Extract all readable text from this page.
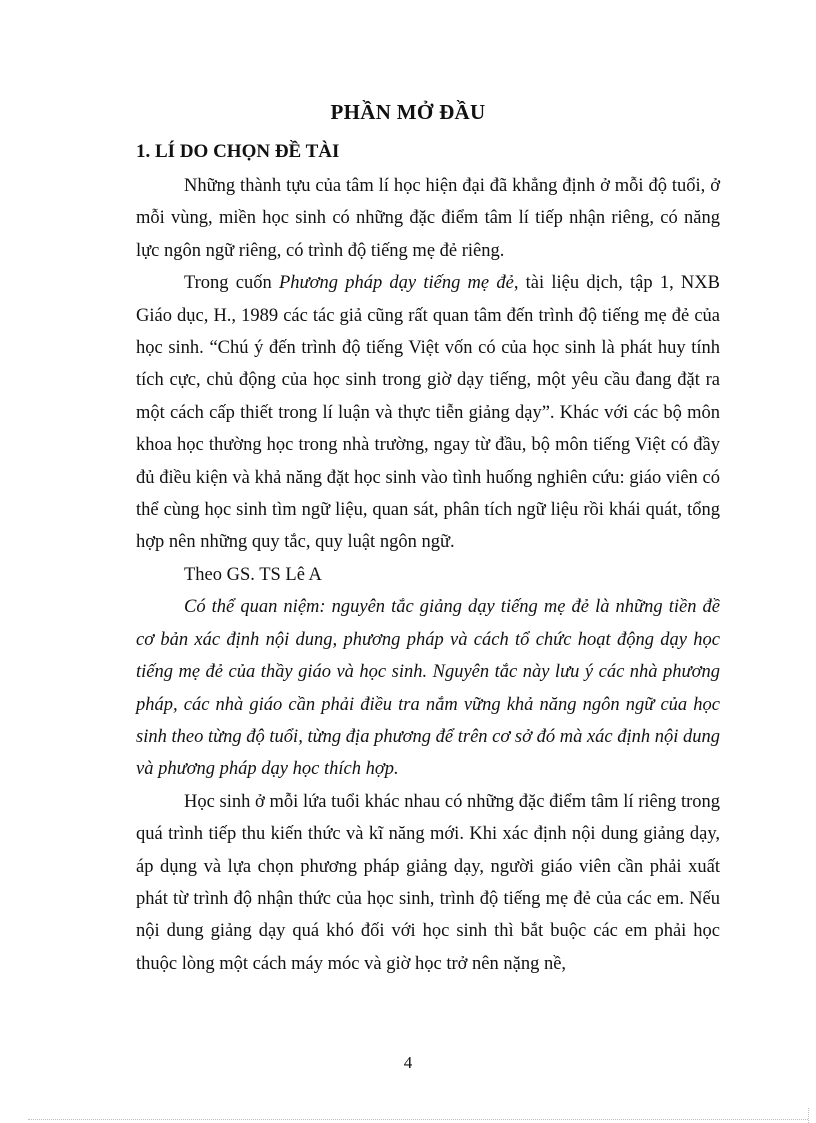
PHẦN MỞ ĐẦU
1. LÍ DO CHỌN ĐỀ TÀI

Những thành tựu của tâm lí học hiện đại đã khẳng định ở mỗi độ tuổi, ở mỗi vùng, miền học sinh có những đặc điểm tâm lí tiếp nhận riêng, có năng lực ngôn ngữ riêng, có trình độ tiếng mẹ đẻ riêng.

Trong cuốn Phương pháp dạy tiếng mẹ đẻ, tài liệu dịch, tập 1, NXB Giáo dục, H., 1989 các tác giả cũng rất quan tâm đến trình độ tiếng mẹ đẻ của học sinh. “Chú ý đến trình độ tiếng Việt vốn có của học sinh là phát huy tính tích cực, chủ động của học sinh trong giờ dạy tiếng, một yêu cầu đang đặt ra một cách cấp thiết trong lí luận và thực tiễn giảng dạy”. Khác với các bộ môn khoa học thường học trong nhà trường, ngay từ đầu, bộ môn tiếng Việt có đầy đủ điều kiện và khả năng đặt học sinh vào tình huống nghiên cứu: giáo viên có thể cùng học sinh tìm ngữ liệu, quan sát, phân tích ngữ liệu rồi khái quát, tổng hợp nên những quy tắc, quy luật ngôn ngữ.

Theo GS. TS Lê A

Có thể quan niệm: nguyên tắc giảng dạy tiếng mẹ đẻ là những tiền đề cơ bản xác định nội dung, phương pháp và cách tổ chức hoạt động dạy học tiếng mẹ đẻ của thầy giáo và học sinh. Nguyên tắc này lưu ý các nhà phương pháp, các nhà giáo cần phải điều tra nắm vững khả năng ngôn ngữ của học sinh theo từng độ tuổi, từng địa phương để trên cơ sở đó mà xác định nội dung và phương pháp dạy học thích hợp.

Học sinh ở mỗi lứa tuổi khác nhau có những đặc điểm tâm lí riêng trong quá trình tiếp thu kiến thức và kĩ năng mới. Khi xác định nội dung giảng dạy, áp dụng và lựa chọn phương pháp giảng dạy, người giáo viên cần phải xuất phát từ trình độ nhận thức của học sinh, trình độ tiếng mẹ đẻ của các em. Nếu nội dung giảng dạy quá khó đối với học sinh thì bắt buộc các em phải học thuộc lòng một cách máy móc và giờ học trở nên nặng nề,

4
